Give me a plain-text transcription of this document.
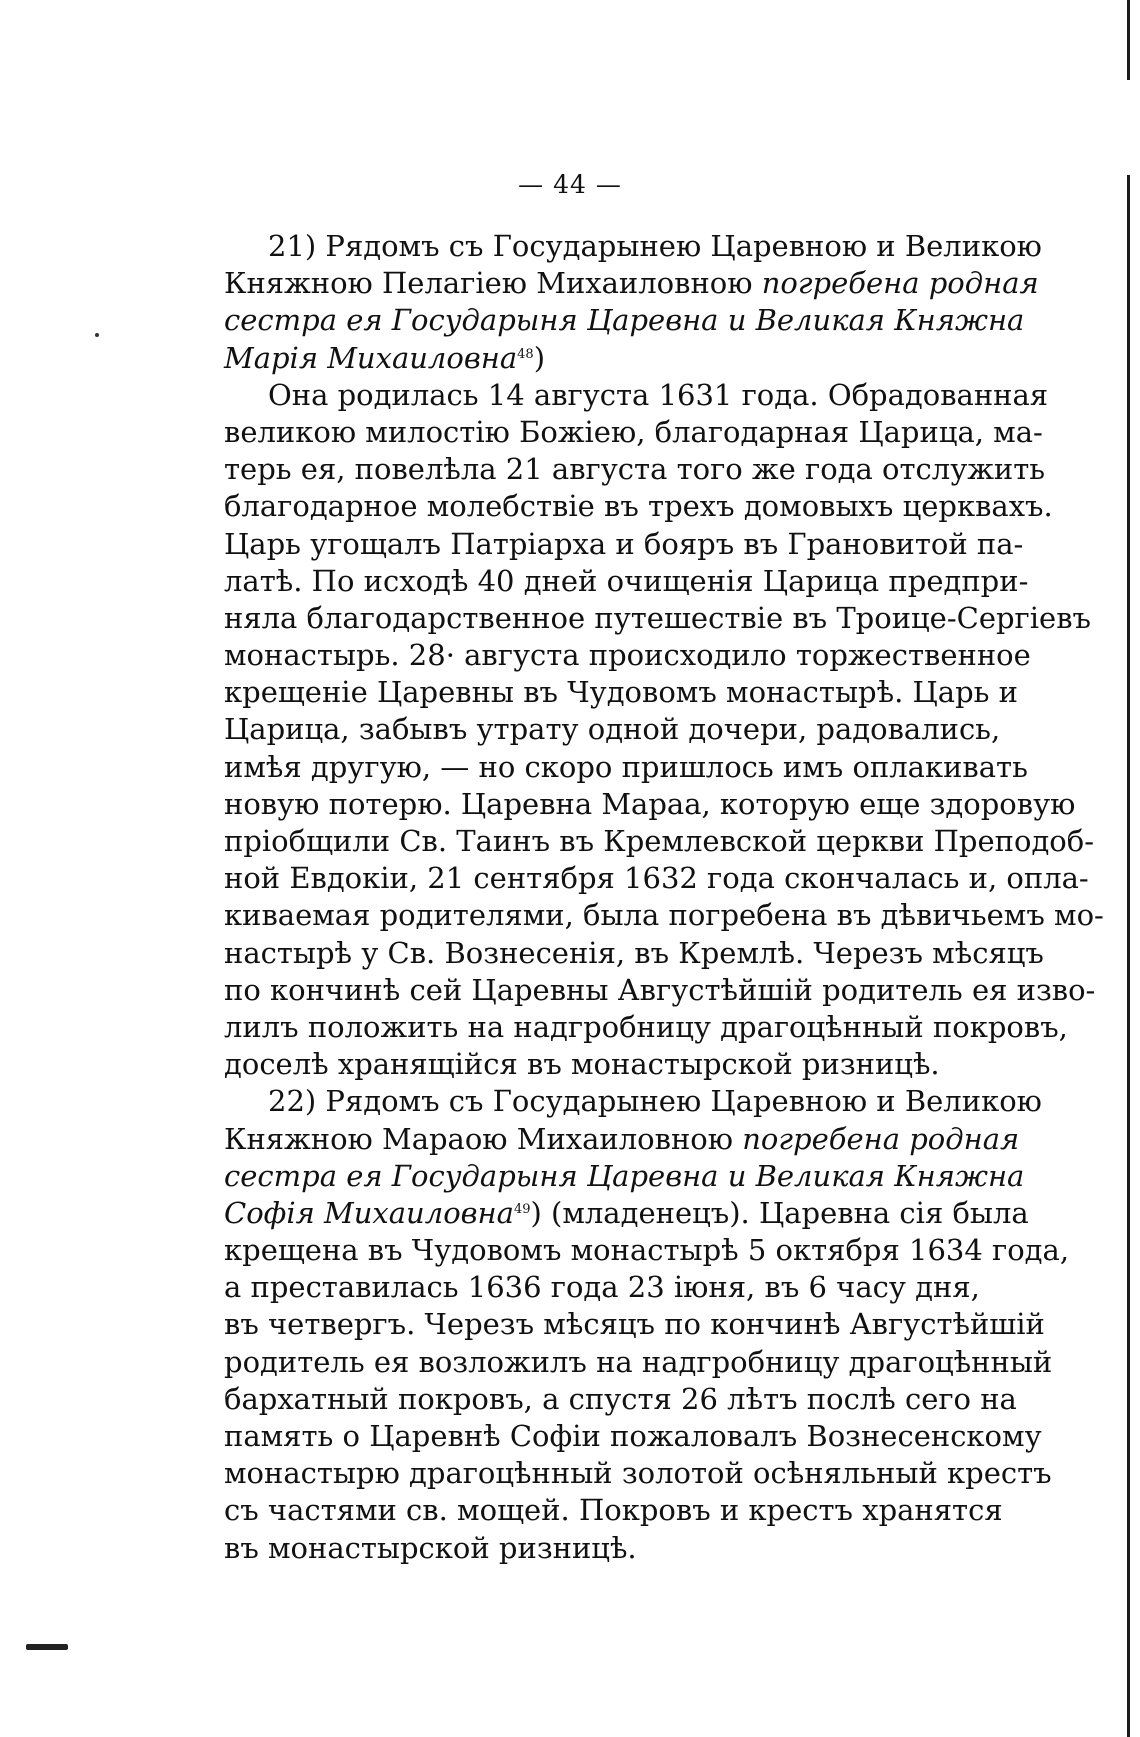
— 44 —
21) Рядомъ съ Государынею Царевною и Великою
Княжною Пелагіею Михаиловною погребена родная
сестра ея Государыня Царевна и Великая Княжна
Марія Михаиловна$^{48}$)
Она родилась 14 августа 1631 года. Обрадованная
великою милостію Божіею, благодарная Царица, ма-
терь ея, повелѣла 21 августа того же года отслужить
благодарное молебствіе въ трехъ домовыхъ церквахъ.
Царь угощалъ Патріарха и бояръ въ Грановитой па-
латѣ. По исходѣ 40 дней очищенія Царица предпри-
няла благодарственное путешествіе въ Троице-Сергіевъ
монастырь. 28· августа происходило торжественное
крещеніе Царевны въ Чудовомъ монастырѣ. Царь и
Царица, забывъ утрату одной дочери, радовались,
имѣя другую, — но скоро пришлось имъ оплакивать
новую потерю. Царевна Мараа, которую еще здоровую
пріобщили Св. Таинъ въ Кремлевской церкви Преподоб-
ной Евдокіи, 21 сентября 1632 года скончалась и, опла-
киваемая родителями, была погребена въ дѣвичьемъ мо-
настырѣ у Св. Вознесенія, въ Кремлѣ. Черезъ мѣсяцъ
по кончинѣ сей Царевны Августѣйшій родитель ея изво-
лилъ положить на надгробницу драгоцѣнный покровъ,
доселѣ хранящійся въ монастырской ризницѣ.
22) Рядомъ съ Государынею Царевною и Великою
Княжною Мараою Михаиловною погребена родная
сестра ея Государыня Царевна и Великая Княжна
Софія Михаиловна$^{49}$) (младенецъ). Царевна сія была
крещена въ Чудовомъ монастырѣ 5 октября 1634 года,
а преставилась 1636 года 23 іюня, въ 6 часу дня,
въ четвергъ. Черезъ мѣсяцъ по кончинѣ Августѣйшій
родитель ея возложилъ на надгробницу драгоцѣнный
бархатный покровъ, а спустя 26 лѣтъ послѣ сего на
память о Царевнѣ Софіи пожаловалъ Вознесенскому
монастырю драгоцѣнный золотой осѣняльный крестъ
съ частями св. мощей. Покровъ и крестъ хранятся
въ монастырской ризницѣ.
